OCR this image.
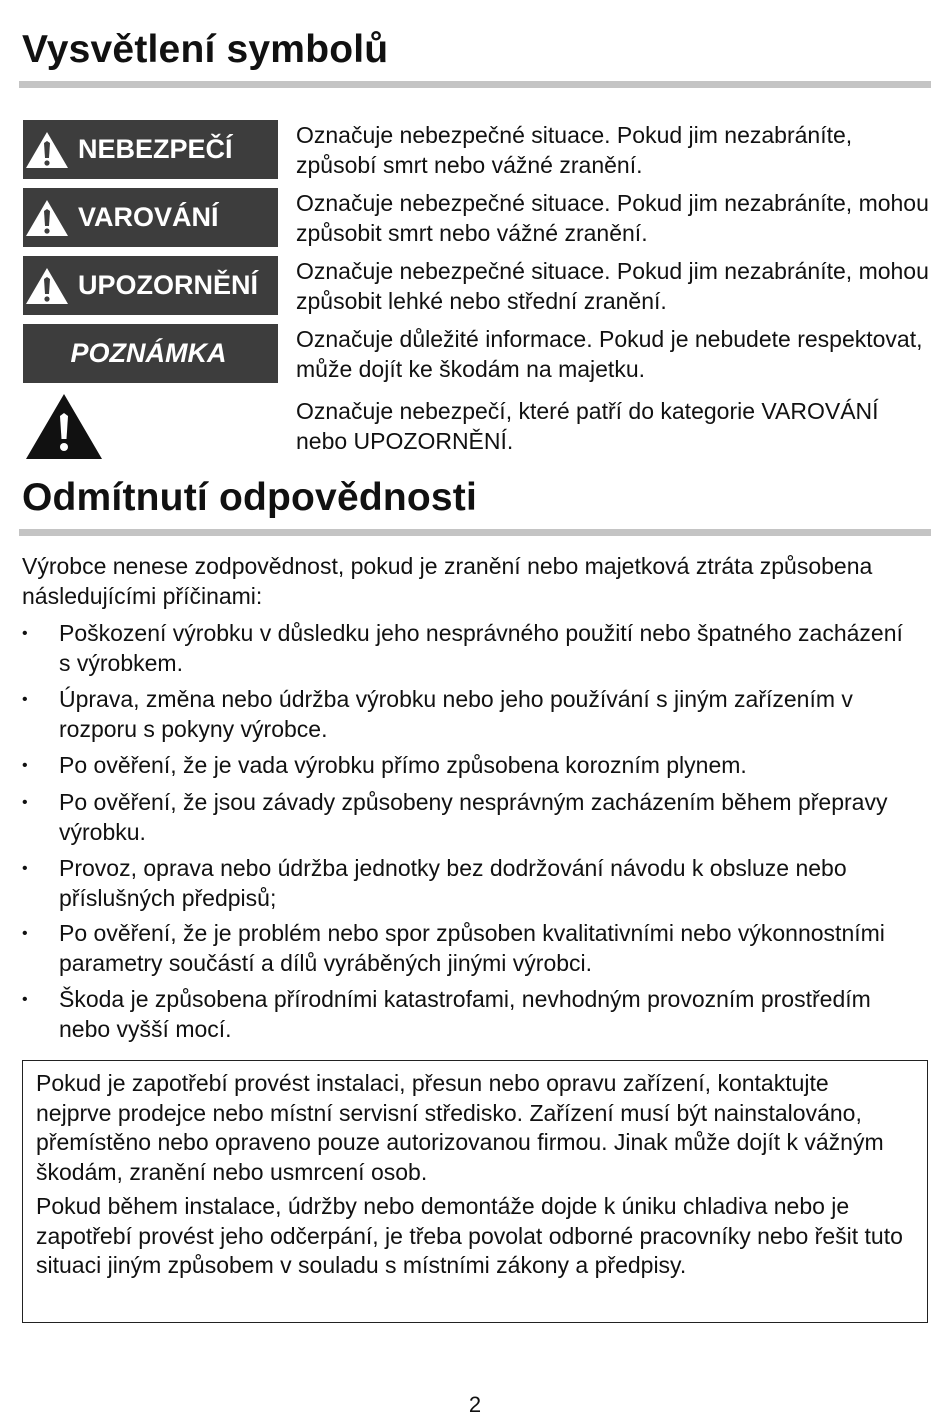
Vysvětlení symbolů
NEBEZPEČÍ	Označuje nebezpečné situace. Pokud jim nezabráníte, způsobí smrt nebo vážné zranění.

VAROVÁNÍ	Označuje nebezpečné situace. Pokud jim nezabráníte, mohou způsobit smrt nebo vážné zranění.

UPOZORNĚNÍ Označuje nebezpečné situace. Pokud jim nezabráníte, mohou způsobit lehké nebo střední zranění.

POZNÁMKA	Označuje důležité informace. Pokud je nebudete respektovat, může dojít ke škodám na majetku.

Označuje nebezpečí, které patří do kategorie VAROVÁNÍ nebo UPOZORNĚNÍ.

Odmítnutí odpovědnosti

Výrobce nenese zodpovědnost, pokud je zranění nebo majetková ztráta způsobena následujícími příčinami:

•	Poškození výrobku v důsledku jeho nesprávného použití nebo špatného zacházení s výrobkem.
•	Úprava, změna nebo údržba výrobku nebo jeho používání s jiným zařízením v rozporu s pokyny výrobce.
•	Po ověření, že je vada výrobku přímo způsobena korozním plynem.
•	Po ověření, že jsou závady způsobeny nesprávným zacházením během přepravy výrobku.
•	Provoz, oprava nebo údržba jednotky bez dodržování návodu k obsluze nebo příslušných předpisů;
•	Po ověření, že je problém nebo spor způsoben kvalitativními nebo výkonnostními parametry součástí a dílů vyráběných jinými výrobci.
•	Škoda je způsobena přírodními katastrofami, nevhodným provozním prostředím nebo vyšší mocí.

Pokud je zapotřebí provést instalaci, přesun nebo opravu zařízení, kontaktujte nejprve prodejce nebo místní servisní středisko. Zařízení musí být nainstalováno, přemístěno nebo opraveno pouze autorizovanou firmou. Jinak může dojít k vážným škodám, zranění nebo usmrcení osob.

Pokud během instalace, údržby nebo demontáže dojde k úniku chladiva nebo je zapotřebí provést jeho odčerpání, je třeba povolat odborné pracovníky nebo řešit tuto situaci jiným způsobem v souladu s místními zákony a předpisy.

2
